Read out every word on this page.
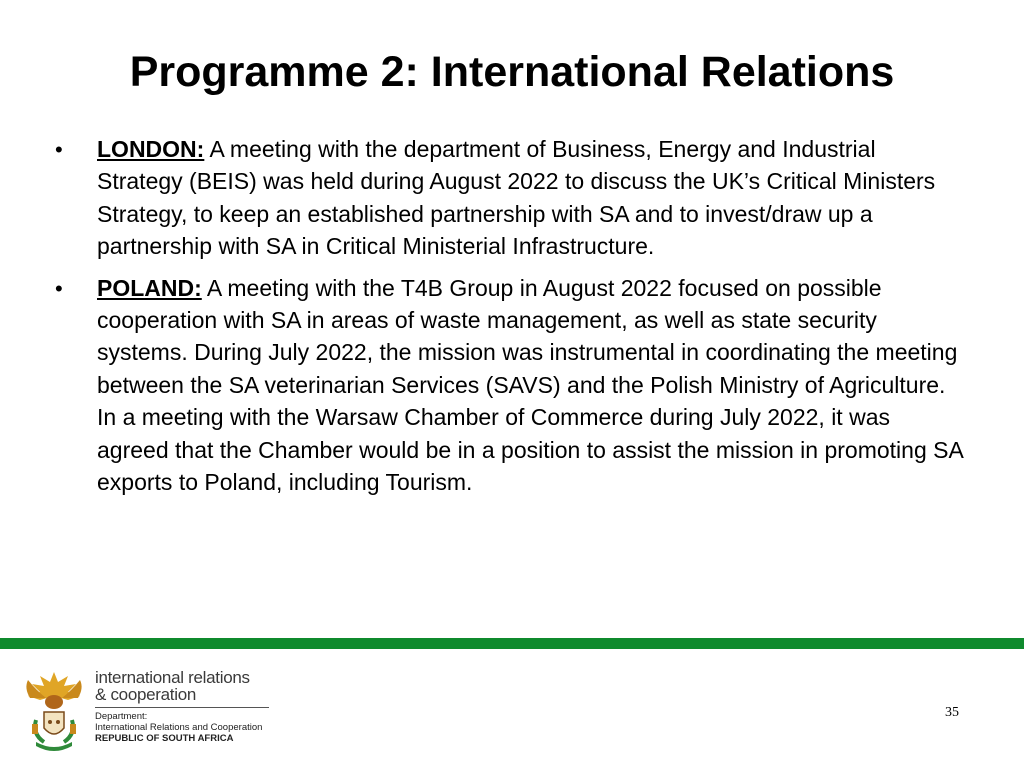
Programme 2: International Relations
• LONDON: A meeting with the department of Business, Energy and Industrial Strategy (BEIS) was held during August 2022 to discuss the UK’s Critical Ministers Strategy, to keep an established partnership with SA and to invest/draw up a partnership with SA in Critical Ministerial Infrastructure.
• POLAND: A meeting with the T4B Group in August 2022 focused on possible cooperation with SA in areas of waste management, as well as state security systems. During July 2022, the mission was instrumental in coordinating the meeting between the SA veterinarian Services (SAVS) and the Polish Ministry of Agriculture. In a meeting with the Warsaw Chamber of Commerce during July 2022, it was agreed that the Chamber would be in a position to assist the mission in promoting SA exports to Poland, including Tourism.
international relations
& cooperation
Department:
International Relations and Cooperation
REPUBLIC OF SOUTH AFRICA
35
